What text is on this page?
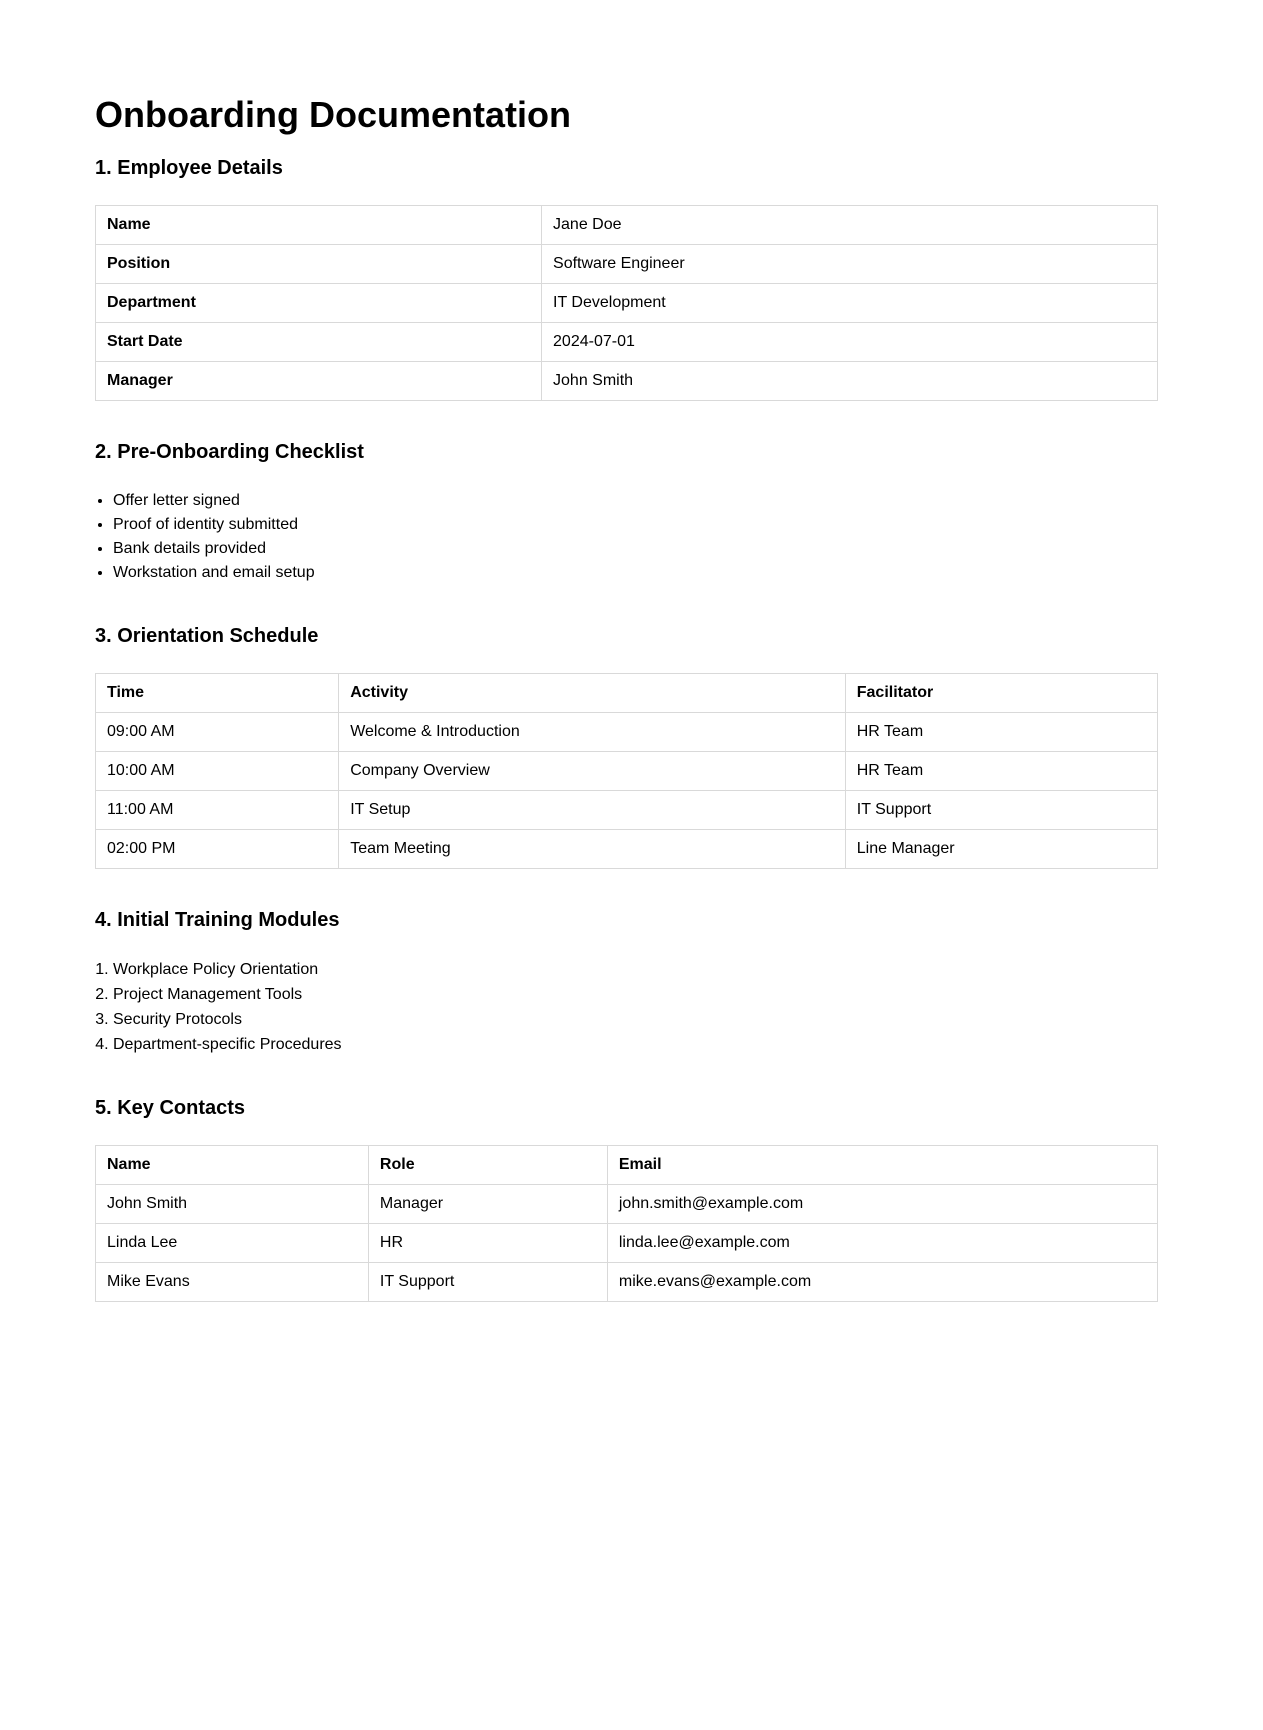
Onboarding Documentation
1. Employee Details
Name	Jane Doe
Position	Software Engineer
Department	IT Development
Start Date	2024-07-01
Manager	John Smith
2. Pre-Onboarding Checklist
• Offer letter signed
• Proof of identity submitted
• Bank details provided
• Workstation and email setup
3. Orientation Schedule
Time	Activity	Facilitator
09:00 AM	Welcome & Introduction	HR Team
10:00 AM	Company Overview	HR Team
11:00 AM	IT Setup	IT Support
02:00 PM	Team Meeting	Line Manager
4. Initial Training Modules
1. Workplace Policy Orientation
2. Project Management Tools
3. Security Protocols
4. Department-specific Procedures
5. Key Contacts
Name	Role	Email
John Smith	Manager	john.smith@example.com
Linda Lee	HR	linda.lee@example.com
Mike Evans	IT Support	mike.evans@example.com
